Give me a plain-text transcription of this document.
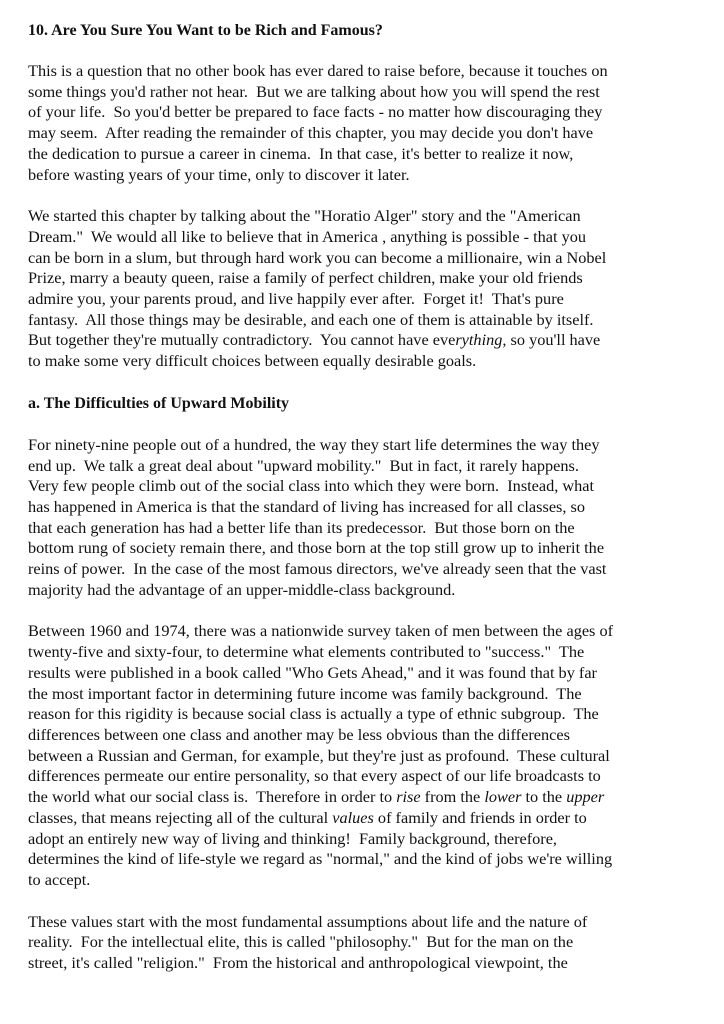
10. Are You Sure You Want to be Rich and Famous?

This is a question that no other book has ever dared to raise before, because it touches on
some things you'd rather not hear.  But we are talking about how you will spend the rest
of your life.  So you'd better be prepared to face facts - no matter how discouraging they
may seem.  After reading the remainder of this chapter, you may decide you don't have
the dedication to pursue a career in cinema.  In that case, it's better to realize it now,
before wasting years of your time, only to discover it later.

We started this chapter by talking about the "Horatio Alger" story and the "American
Dream."  We would all like to believe that in America , anything is possible - that you
can be born in a slum, but through hard work you can become a millionaire, win a Nobel
Prize, marry a beauty queen, raise a family of perfect children, make your old friends
admire you, your parents proud, and live happily ever after.  Forget it!  That's pure
fantasy.  All those things may be desirable, and each one of them is attainable by itself.
But together they're mutually contradictory.  You cannot have everything, so you'll have
to make some very difficult choices between equally desirable goals.

a. The Difficulties of Upward Mobility

For ninety-nine people out of a hundred, the way they start life determines the way they
end up.  We talk a great deal about "upward mobility."  But in fact, it rarely happens.
Very few people climb out of the social class into which they were born.  Instead, what
has happened in America is that the standard of living has increased for all classes, so
that each generation has had a better life than its predecessor.  But those born on the
bottom rung of society remain there, and those born at the top still grow up to inherit the
reins of power.  In the case of the most famous directors, we've already seen that the vast
majority had the advantage of an upper-middle-class background.

Between 1960 and 1974, there was a nationwide survey taken of men between the ages of
twenty-five and sixty-four, to determine what elements contributed to "success."  The
results were published in a book called "Who Gets Ahead," and it was found that by far
the most important factor in determining future income was family background.  The
reason for this rigidity is because social class is actually a type of ethnic subgroup.  The
differences between one class and another may be less obvious than the differences
between a Russian and German, for example, but they're just as profound.  These cultural
differences permeate our entire personality, so that every aspect of our life broadcasts to
the world what our social class is.  Therefore in order to rise from the lower to the upper
classes, that means rejecting all of the cultural values of family and friends in order to
adopt an entirely new way of living and thinking!  Family background, therefore,
determines the kind of life-style we regard as "normal," and the kind of jobs we're willing
to accept.

These values start with the most fundamental assumptions about life and the nature of
reality.  For the intellectual elite, this is called "philosophy."  But for the man on the
street, it's called "religion."  From the historical and anthropological viewpoint, the
